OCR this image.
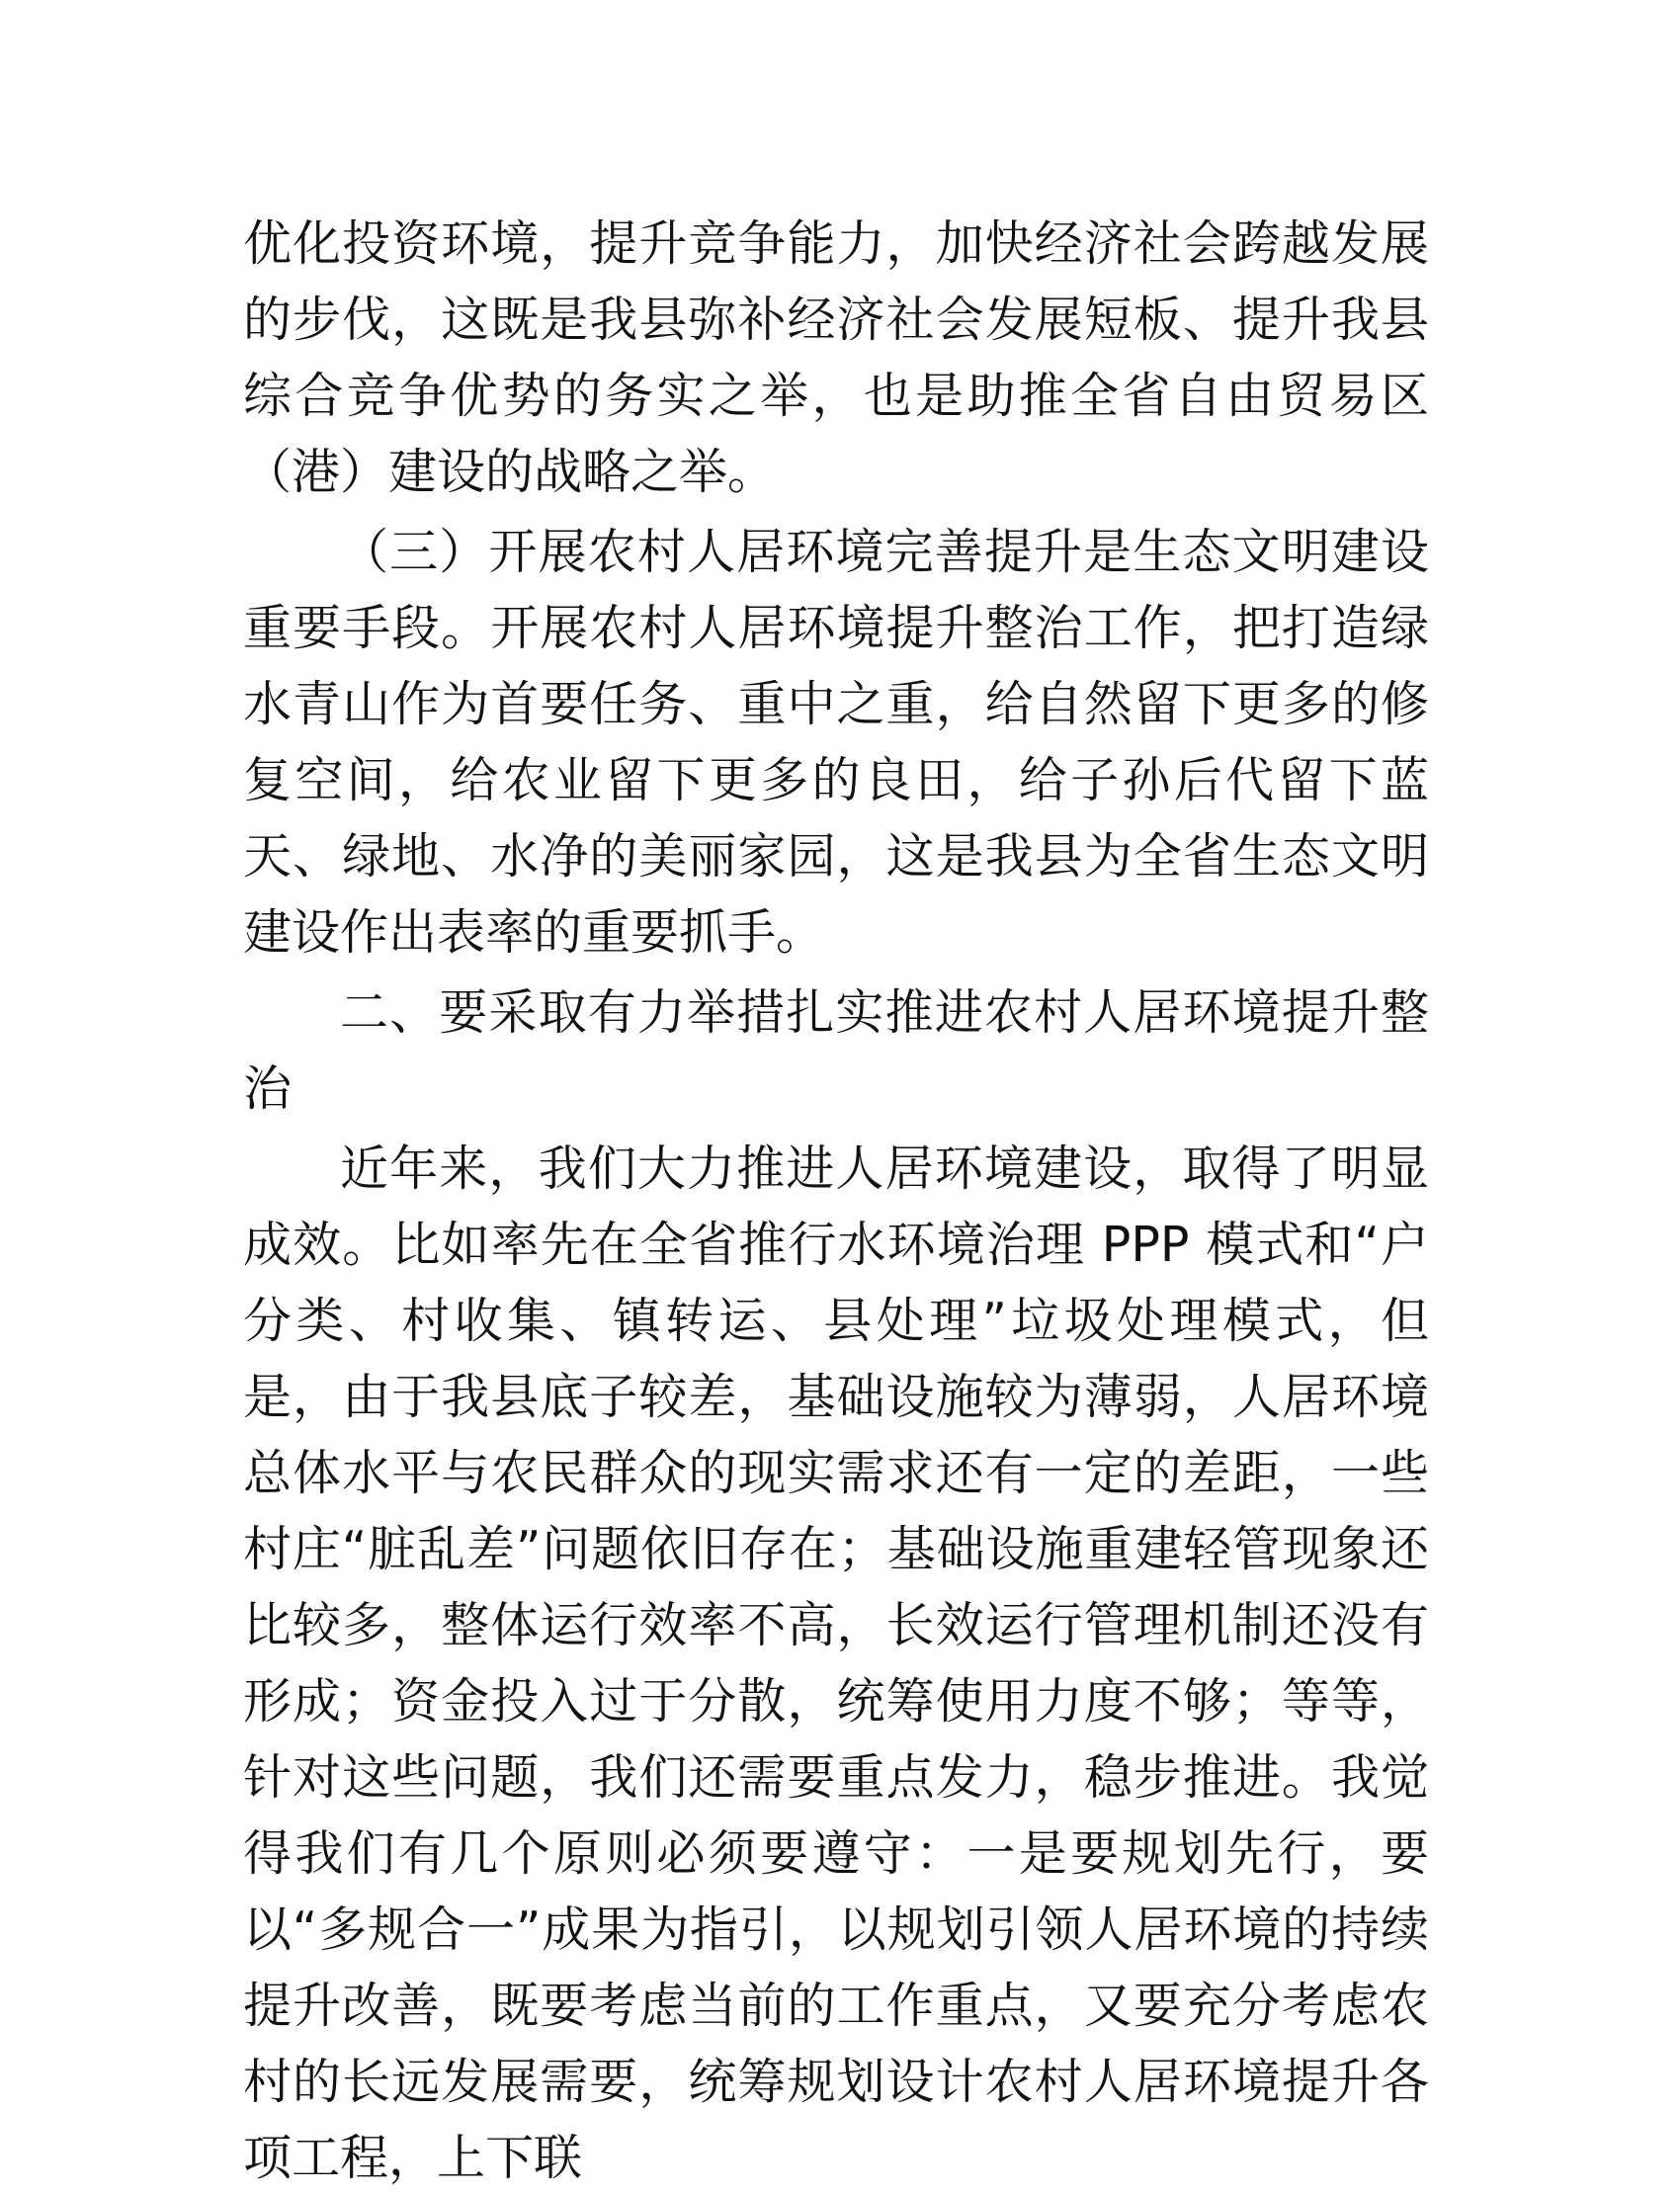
优化投资环境，提升竞争能力，加快经济社会跨越发展的步伐，这既是我县弥补经济社会发展短板、提升我县综合竞争优势的务实之举，也是助推全省自由贸易区（港）建设的战略之举。

（三）开展农村人居环境完善提升是生态文明建设重要手段。开展农村人居环境提升整治工作，把打造绿水青山作为首要任务、重中之重，给自然留下更多的修复空间，给农业留下更多的良田，给子孙后代留下蓝天、绿地、水净的美丽家园，这是我县为全省生态文明建设作出表率的重要抓手。

二、要采取有力举措扎实推进农村人居环境提升整治

近年来，我们大力推进人居环境建设，取得了明显成效。比如率先在全省推行水环境治理 PPP 模式和“户分类、村收集、镇转运、县处理”垃圾处理模式，但是，由于我县底子较差，基础设施较为薄弱，人居环境总体水平与农民群众的现实需求还有一定的差距，一些村庄“脏乱差”问题依旧存在；基础设施重建轻管现象还比较多，整体运行效率不高，长效运行管理机制还没有形成；资金投入过于分散，统筹使用力度不够；等等，针对这些问题，我们还需要重点发力，稳步推进。我觉得我们有几个原则必须要遵守：一是要规划先行，要以“多规合一”成果为指引，以规划引领人居环境的持续提升改善，既要考虑当前的工作重点，又要充分考虑农村的长远发展需要，统筹规划设计农村人居环境提升各项工程，上下联
